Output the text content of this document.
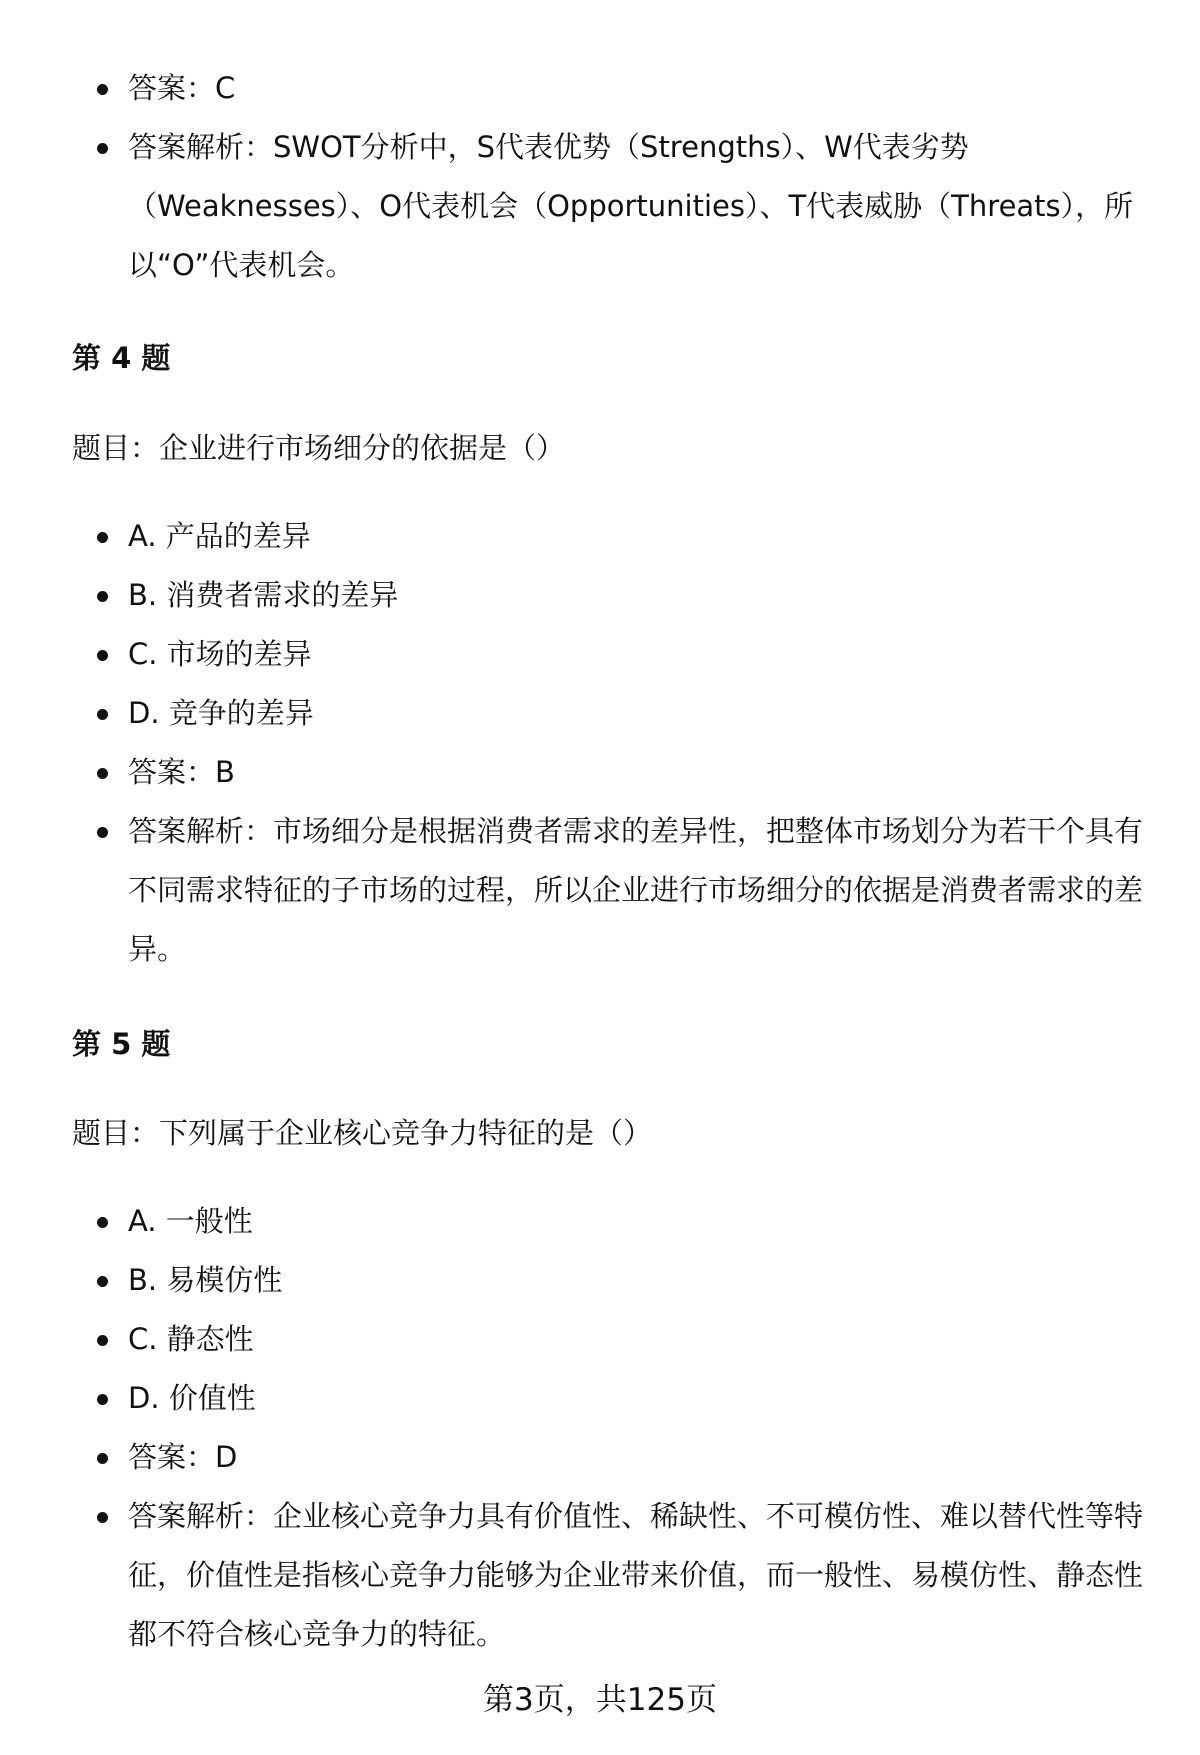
答案：C
答案解析：SWOT分析中，S代表优势（Strengths）、W代表劣势（Weaknesses）、O代表机会（Opportunities）、T代表威胁（Threats），所以“O”代表机会。
第 4 题
题目：企业进行市场细分的依据是（）
A. 产品的差异
B. 消费者需求的差异
C. 市场的差异
D. 竞争的差异
答案：B
答案解析：市场细分是根据消费者需求的差异性，把整体市场划分为若干个具有不同需求特征的子市场的过程，所以企业进行市场细分的依据是消费者需求的差异。
第 5 题
题目：下列属于企业核心竞争力特征的是（）
A. 一般性
B. 易模仿性
C. 静态性
D. 价值性
答案：D
答案解析：企业核心竞争力具有价值性、稀缺性、不可模仿性、难以替代性等特征，价值性是指核心竞争力能够为企业带来价值，而一般性、易模仿性、静态性都不符合核心竞争力的特征。
第3页，共125页
